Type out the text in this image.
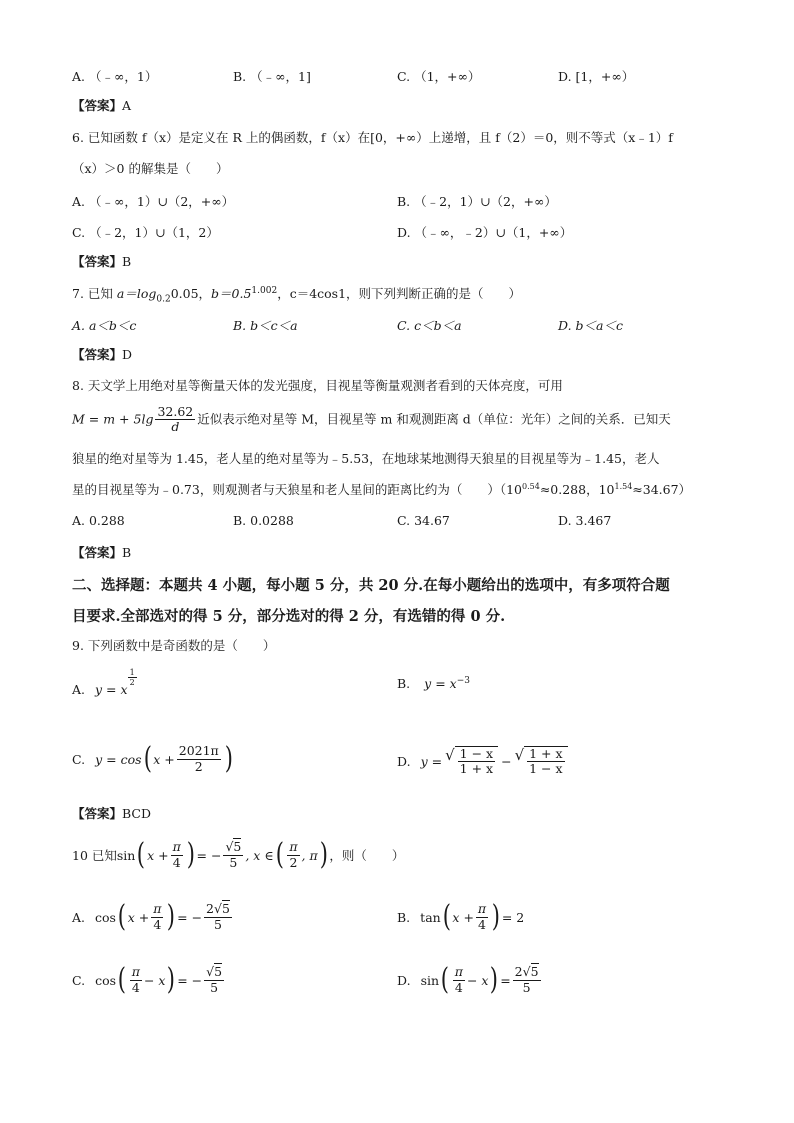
A. （﹣∞，1）	B. （﹣∞，1]	C. （1，+∞）	D. [1，+∞）
【答案】A
6. 已知函数 f（x）是定义在 R 上的偶函数，f（x）在[0，+∞）上递增，且 f（2）＝0，则不等式（x﹣1）f
（x）＞0 的解集是（　　）
A. （﹣∞，1）∪（2，+∞）	B. （﹣2，1）∪（2，+∞）
C. （﹣2，1）∪（1，2）	D. （﹣∞，﹣2）∪（1，+∞）
【答案】B
7. 已知 $a=\log_{0.2}0.05$，$b=0.5^{1.002}$，c＝4cos1，则下列判断正确的是（　　）
A. a＜b＜c	B. b＜c＜a	C. c＜b＜a	D. b＜a＜c
【答案】D
8. 天文学上用绝对星等衡量天体的发光强度，目视星等衡量观测者看到的天体亮度，可用
$M = m + 5\lg \frac{32.62}{d}$ 近似表示绝对星等 M，目视星等 m 和观测距离 d（单位：光年）之间的关系．已知天
狼星的绝对星等为 1.45，老人星的绝对星等为﹣5.53，在地球某地测得天狼星的目视星等为﹣1.45，老人
星的目视星等为﹣0.73，则观测者与天狼星和老人星间的距离比约为（　　）（$10^{0.54}\approx 0.288$，$10^{1.54}\approx 34.67$）
A. 0.288	B. 0.0288	C. 34.67	D. 3.467
【答案】B
二、选择题：本题共 4 小题，每小题 5 分，共 20 分.在每小题给出的选项中，有多项符合题
目要求.全部选对的得 5 分，部分选对的得 2 分，有选错的得 0 分.
9. 下列函数中是奇函数的是（　　）
A. y = x
$\frac{1}{2}$	B. $y = x^{-3}$
C. y = cos ( $x + \frac{2021\pi}{2}$ )	D. y = √ $\frac{1 - x}{1 + x}$ − √ $\frac{1 + x}{1 - x}$
【答案】BCD
10 已知 sin ( $x + \frac{\pi}{4}$ ) = − $\frac{√5}{5}$ , x ∈ ( $\frac{\pi}{2}$ , π ) ，则（　　）
A. cos ( $x + \frac{\pi}{4}$ ) = − $\frac{2√5}{5}$	B. tan ( $x + \frac{\pi}{4}$ ) = 2
C. cos ( $\frac{\pi}{4} - x$ ) = − $\frac{√5}{5}$	D. sin ( $\frac{\pi}{4} - x$ ) = $\frac{2√5}{5}$
